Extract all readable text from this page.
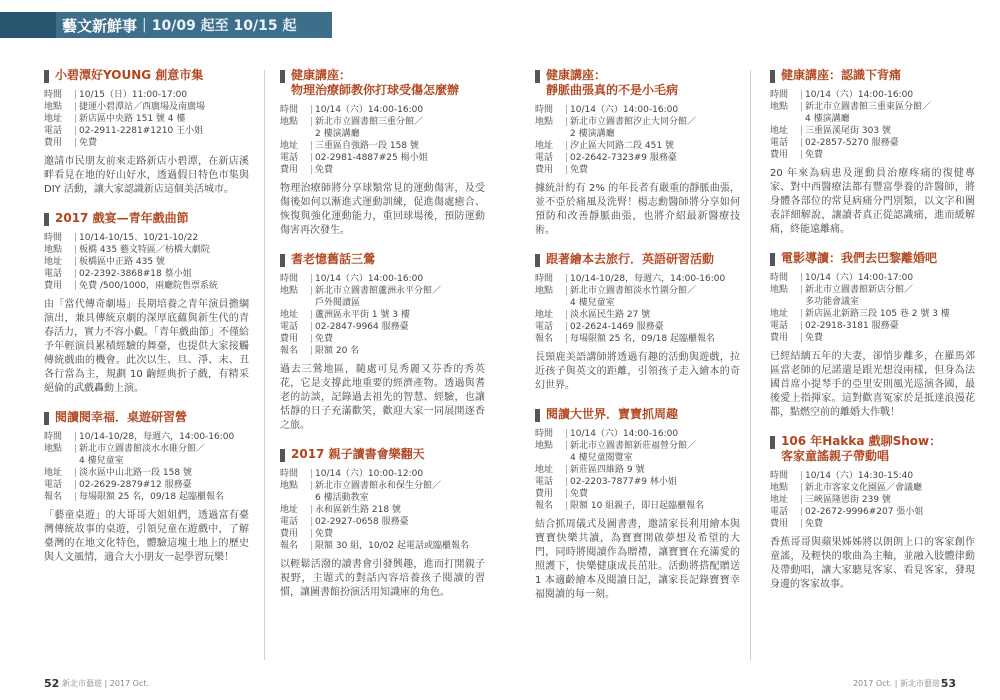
藝文新鮮事 | 10/09 起至 10/15 起
小碧潭好YOUNG 創意市集
時間	| 10/15（日）11:00-17:00
地點	| 捷運小碧潭站／西廣場及南廣場
地址	| 新店區中央路 151 號 4 樓
電話	| 02-2911-2281#1210 王小姐
費用	| 免費

邀請市民朋友前來走路新店小碧潭，在新店溪畔看見在地的好山好水，透過假日特色市集與 DIY 活動，讓大家認識新店這個美活城市。

2017 戲宴—青年戲曲節
時間	| 10/14-10/15、10/21-10/22
地點	| 板橋 435 藝文特區／枋橋大劇院
地址	| 板橋區中正路 435 號
電話	| 02-2392-3868#18 蔡小姐
費用	| 免費 /500/1000，兩廳院售票系統

由「當代傳奇劇場」長期培養之青年演員擔綱演出，兼具傳統京劇的深厚底蘊與新生代的青春活力，實力不容小覷。「青年戲曲節」不僅給予年輕演員累積經驗的舞臺，也提供大家接觸傳統戲曲的機會。此次以生、旦、淨、末、丑各行當為主，規劃 10 齣經典折子戲，有精采絕倫的武戲轟動上演。

閱讀閱幸福．桌遊研習營
時間	| 10/14-10/28，每週六，14:00-16:00
地點	| 新北市立圖書館淡水水碓分館／
4 樓兒童室
地址	| 淡水區中山北路一段 158 號
電話	| 02-2629-2879#12 服務臺
報名	| 每場限額 25 名，09/18 起臨櫃報名

「藝童桌遊」的大哥哥大姐姐們，透過富有臺灣傳統故事的桌遊，引領兒童在遊戲中，了解臺灣的在地文化特色，體驗這塊土地上的歷史與人文風情，適合大小朋友一起學習玩樂！

健康講座：
物理治療師教你打球受傷怎麼辦
時間	| 10/14（六）14:00-16:00
地點	| 新北市立圖書館三重分館／
2 樓演講廳
地址	| 三重區自強路一段 158 號
電話	| 02-2981-4887#25 楊小姐
費用	| 免費

物理治療師將分享球類常見的運動傷害，及受傷後如何以漸進式運動訓練，促進傷處癒合、恢復與強化運動能力，重回球場後，預防運動傷害再次發生。

耆老憶舊話三鶯
時間	| 10/14（六）14:00-16:00
地點	| 新北市立圖書館蘆洲永平分館／
戶外閱讀區
地址	| 蘆洲區永平街 1 號 3 樓
電話	| 02-2847-9964 服務臺
費用	| 免費
報名	| 限額 20 名

過去三鶯地區，隨處可見秀麗又芬香的秀英花，它是支撐此地重要的經濟產物。透過與耆老的訪談，記錄過去祖先的智慧、經驗，也讓恬靜的日子充滿歡笑，歡迎大家一同展開逐香之旅。

2017 親子讀書會樂翻天
時間	| 10/14（六）10:00-12:00
地點	| 新北市立圖書館永和保生分館／
6 樓活動教室
地址	| 永和區新生路 218 號
電話	| 02-2927-0658 服務臺
費用	| 免費
報名	| 限額 30 組，10/02 起電話或臨櫃報名

以輕鬆活潑的讀書會引發興趣，進而打開親子視野，主題式的對話內容培養孩子閱讀的習慣，讓圖書館扮演活用知識庫的角色。

健康講座：
靜脈曲張真的不是小毛病
時間	| 10/14（六）14:00-16:00
地點	| 新北市立圖書館汐止大同分館／
2 樓演講廳
地址	| 汐止區大同路二段 451 號
電話	| 02-2642-7323#9 服務臺
費用	| 免費

據統計約有 2% 的年長者有嚴重的靜脈曲張，並不亞於痛風及洗腎！楊志勳醫師將分享如何預防和改善靜脈曲張，也將介紹最新醫療技術。

跟著繪本去旅行．英語研習活動
時間	| 10/14-10/28，每週六，14:00-16:00
地點	| 新北市立圖書館淡水竹圍分館／
4 樓兒童室
地址	| 淡水區民生路 27 號
電話	| 02-2624-1469 服務臺
報名	| 每場限額 25 名，09/18 起臨櫃報名

長頸鹿美語講師將透過有趣的活動與遊戲，拉近孩子與英文的距離，引領孩子走入繪本的奇幻世界。

閱讀大世界．寶寶抓周趣
時間	| 10/14（六）14:00-16:00
地點	| 新北市立圖書館新莊福營分館／
4 樓兒童閱覽室
地址	| 新莊區四維路 9 號
電話	| 02-2203-7877#9 林小姐
費用	| 免費
報名	| 限額 10 組親子，即日起臨櫃報名

結合抓周儀式及圖書書，邀請家長利用繪本與寶寶快樂共讀，為寶寶開啟夢想及希望的大門，同時將閱讀作為贈禮，讓寶寶在充滿愛的照護下，快樂健康成長茁壯。活動將搭配贈送 1 本適齡繪本及閱讀日記，讓家長記錄寶寶幸福閱讀的每一刻。

健康講座：認識下背痛
時間	| 10/14（六）14:00-16:00
地點	| 新北市立圖書館三重東區分館／
4 樓演講廳
地址	| 三重區溪尾街 303 號
電話	| 02-2857-5270 服務臺
費用	| 免費

20 年來為病患及運動員治療疼痛的復健專家、對中西醫療法都有豐富學養的許醫師，將身體各部位的常見病痛分門別類，以文字和圖表詳細解說，讓讀者真正從認識痛，進而緩解痛，終能遠離痛。

電影導讀：我們去巴黎離婚吧
時間	| 10/14（六）14:00-17:00
地點	| 新北市立圖書館新店分館／
多功能會議室
地址	| 新店區北新路三段 105 巷 2 號 3 樓
電話	| 02-2918-3181 服務臺
費用	| 免費

已經結縭五年的夫妻，卻悄步離多，在羅馬郊區當老師的尼諾還是跟光想沒兩樣，但身為法國首席小提琴手的亞里安則風光巡演各國，最後愛上指揮家。這對歡喜冤家於是抵達浪漫花都，點燃空前的離婚大作戰！

106 年Hakka 戲聊Show：
客家童謠親子帶動唱
時間	| 10/14（六）14:30-15:40
地點	| 新北市客家文化園區／會議廳
地址	| 三峽區隆恩街 239 號
電話	| 02-2672-9996#207 張小姐
費用	| 免費

香蕉哥哥與蘋果姊姊將以朗朗上口的客家創作童謠，及輕快的歌曲為主軸，並融入肢體律動及帶動唱，讓大家聽見客家、看見客家，發現身邊的客家故事。

52 新北市藝遊 | 2017 Oct.	2017 Oct. | 新北市藝遊 53
